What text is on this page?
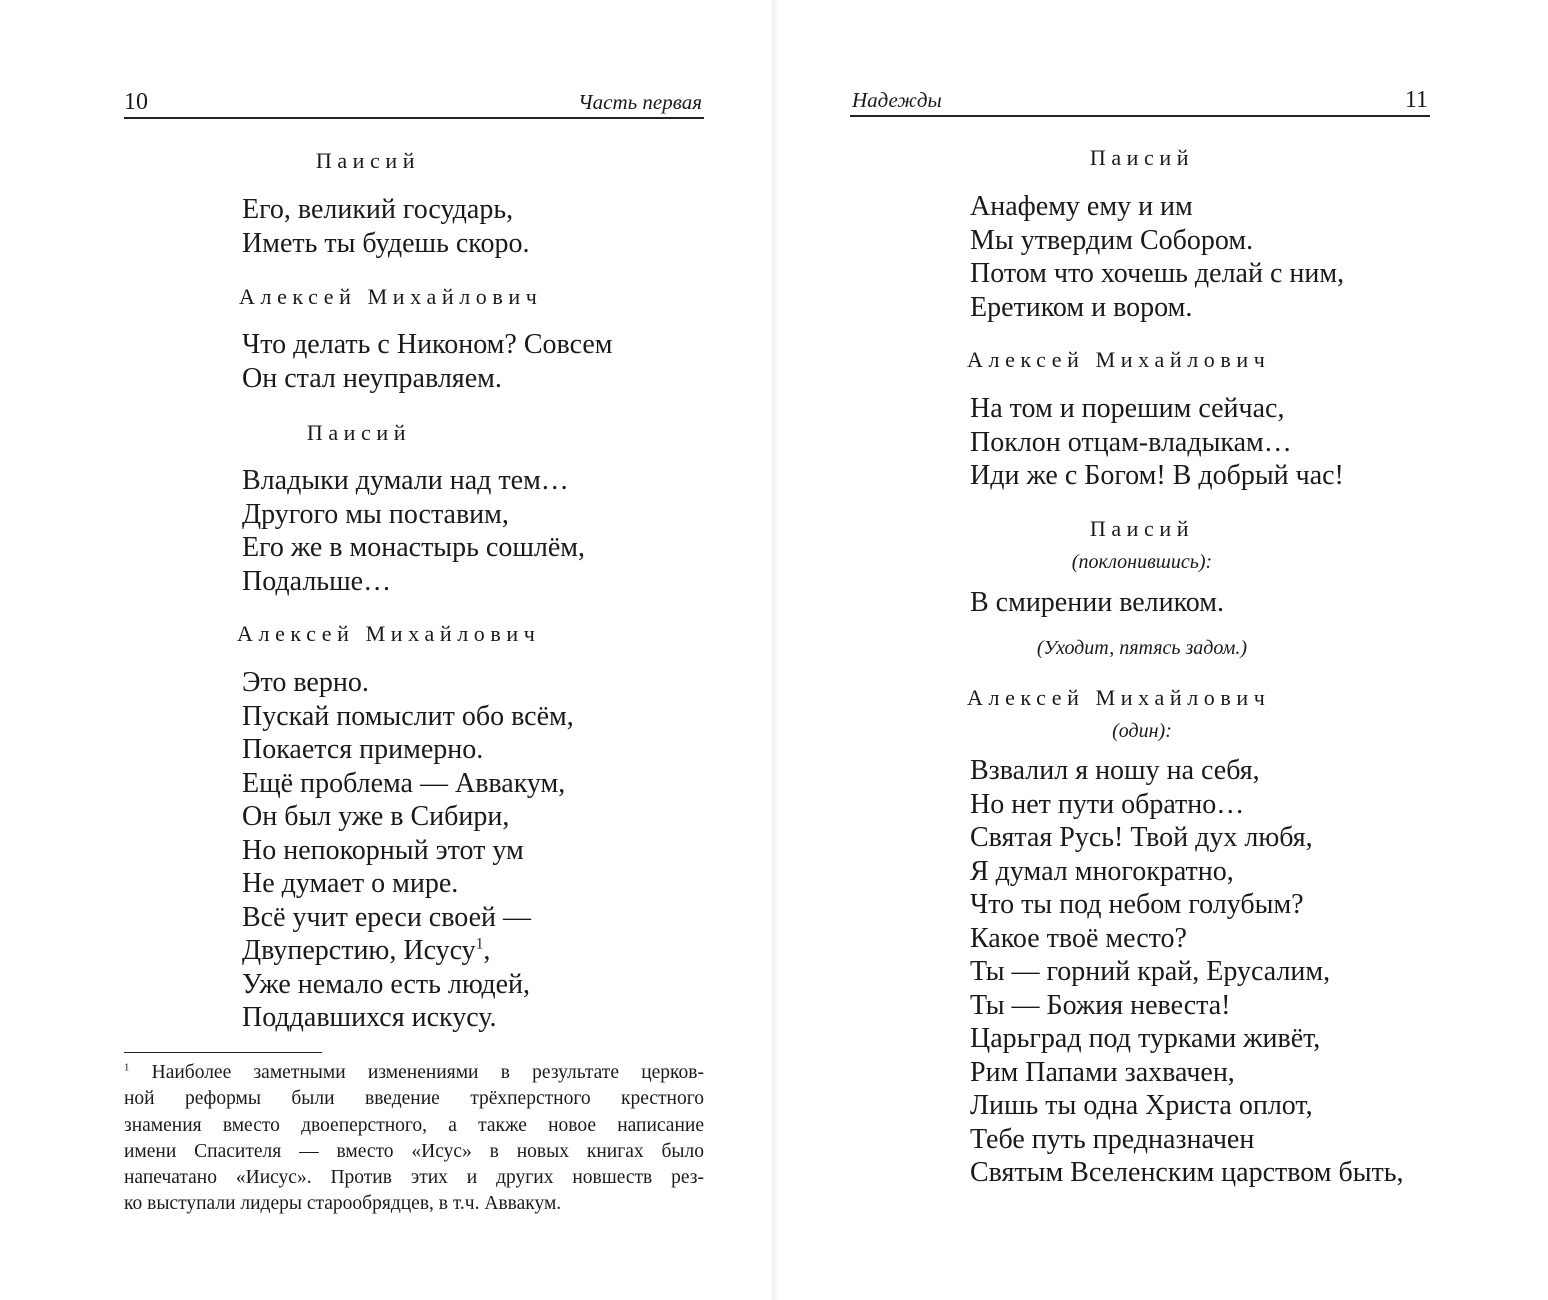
10	Часть первая
Паисий
Его, великий государь,
Иметь ты будешь скоро.
Алексей Михайлович
Что делать с Никоном? Совсем
Он стал неуправляем.
Паисий
Владыки думали над тем…
Другого мы поставим,
Его же в монастырь сошлём,
Подальше…
Алексей Михайлович
Это верно.
Пускай помыслит обо всём,
Покается примерно.
Ещё проблема — Аввакум,
Он был уже в Сибири,
Но непокорный этот ум
Не думает о мире.
Всё учит ереси своей —
Двуперстию, Исусу$^1$,
Уже немало есть людей,
Поддавшихся искусу.
$^1$ Наиболее заметными изменениями в результате церков-
ной реформы были введение трёхперстного крестного
знамения вместо двоеперстного, а также новое написание
имени Спасителя — вместо «Исус» в новых книгах было
напечатано «Иисус». Против этих и других новшеств рез-
ко выступали лидеры старообрядцев, в т.ч. Аввакум.
Надежды	11
Паисий
Анафему ему и им
Мы утвердим Собором.
Потом что хочешь делай с ним,
Еретиком и вором.
Алексей Михайлович
На том и порешим сейчас,
Поклон отцам-владыкам…
Иди же с Богом! В добрый час!
Паисий
(поклонившись):
В смирении великом.
(Уходит, пятясь задом.)
Алексей Михайлович
(один):
Взвалил я ношу на себя,
Но нет пути обратно…
Святая Русь! Твой дух любя,
Я думал многократно,
Что ты под небом голубым?
Какое твоё место?
Ты — горний край, Ерусалим,
Ты — Божия невеста!
Царьград под турками живёт,
Рим Папами захвачен,
Лишь ты одна Христа оплот,
Тебе путь предназначен
Святым Вселенским царством быть,
